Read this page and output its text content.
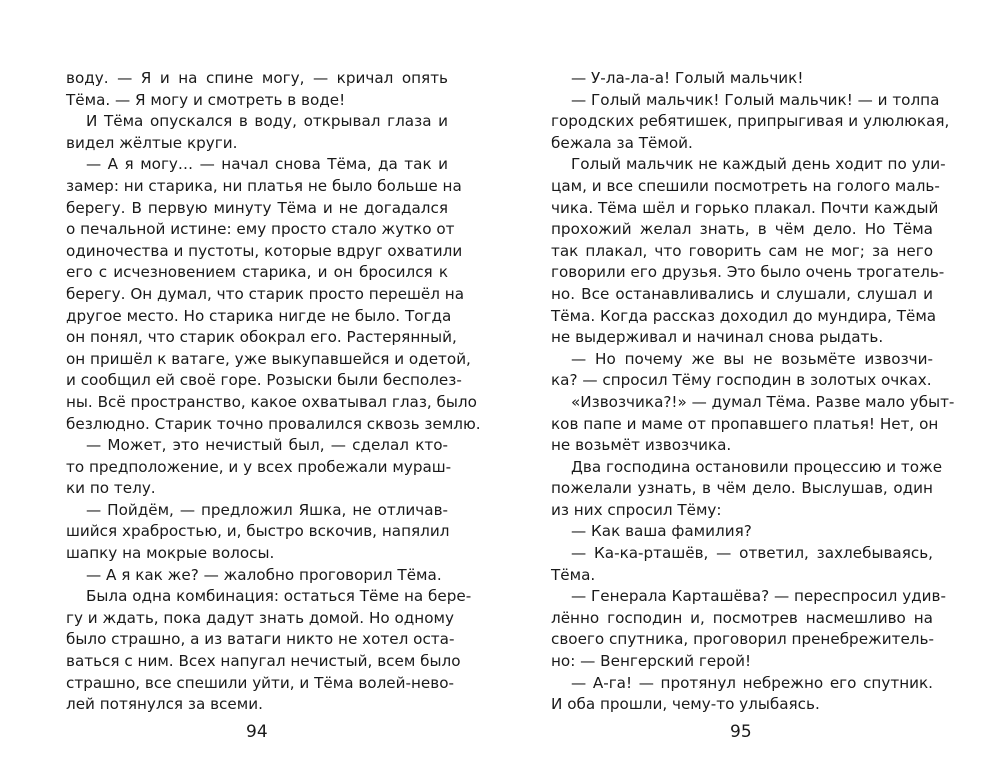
воду. — Я и на спине могу, — кричал опять
Тёма. — Я могу и смотреть в воде!
И Тёма опускался в воду, открывал глаза и
видел жёлтые круги.
— А я могу… — начал снова Тёма, да так и
замер: ни старика, ни платья не было больше на
берегу. В первую минуту Тёма и не догадался
о печальной истине: ему просто стало жутко от
одиночества и пустоты, которые вдруг охватили
его с исчезновением старика, и он бросился к
берегу. Он думал, что старик просто перешёл на
другое место. Но старика нигде не было. Тогда
он понял, что старик обокрал его. Растерянный,
он пришёл к ватаге, уже выкупавшейся и одетой,
и сообщил ей своё горе. Розыски были бесполез-
ны. Всё пространство, какое охватывал глаз, было
безлюдно. Старик точно провалился сквозь землю.
— Может, это нечистый был, — сделал кто-
то предположение, и у всех пробежали мураш-
ки по телу.
— Пойдём, — предложил Яшка, не отличав-
шийся храбростью, и, быстро вскочив, напялил
шапку на мокрые волосы.
— А я как же? — жалобно проговорил Тёма.
Была одна комбинация: остаться Тёме на бере-
гу и ждать, пока дадут знать домой. Но одному
было страшно, а из ватаги никто не хотел оста-
ваться с ним. Всех напугал нечистый, всем было
страшно, все спешили уйти, и Тёма волей-нево-
лей потянулся за всеми.
94
— У-ла-ла-а! Голый мальчик!
— Голый мальчик! Голый мальчик! — и толпа
городских ребятишек, припрыгивая и улюлюкая,
бежала за Тёмой.
Голый мальчик не каждый день ходит по ули-
цам, и все спешили посмотреть на голого маль-
чика. Тёма шёл и горько плакал. Почти каждый
прохожий желал знать, в чём дело. Но Тёма
так плакал, что говорить сам не мог; за него
говорили его друзья. Это было очень трогатель-
но. Все останавливались и слушали, слушал и
Тёма. Когда рассказ доходил до мундира, Тёма
не выдерживал и начинал снова рыдать.
— Но почему же вы не возьмёте извозчи-
ка? — спросил Тёму господин в золотых очках.
«Извозчика?!» — думал Тёма. Разве мало убыт-
ков папе и маме от пропавшего платья! Нет, он
не возьмёт извозчика.
Два господина остановили процессию и тоже
пожелали узнать, в чём дело. Выслушав, один
из них спросил Тёму:
— Как ваша фамилия?
— Ка-ка-рташёв, — ответил, захлебываясь,
Тёма.
— Генерала Карташёва? — переспросил удив-
лённо господин и, посмотрев насмешливо на
своего спутника, проговорил пренебрежитель-
но: — Венгерский герой!
— А-га! — протянул небрежно его спутник.
И оба прошли, чему-то улыбаясь.
95
